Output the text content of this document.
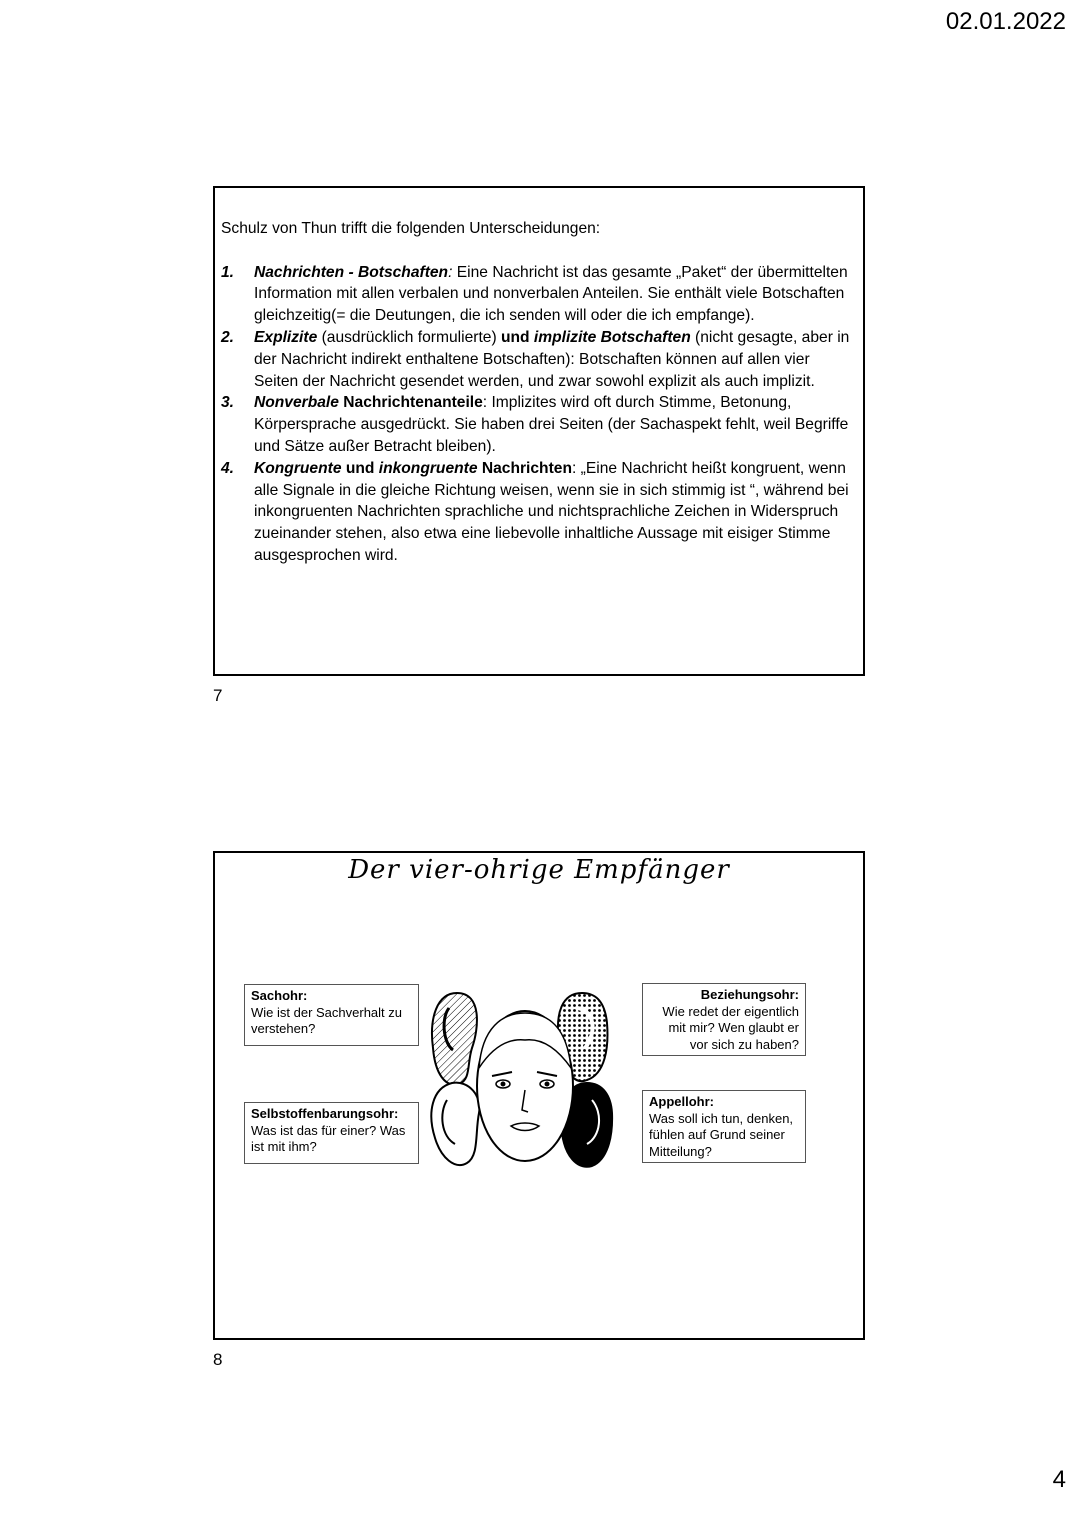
02.01.2022

Schulz von Thun trifft die folgenden Unterscheidungen:

1. Nachrichten - Botschaften: Eine Nachricht ist das gesamte „Paket“ der übermittelten Information mit allen verbalen und nonverbalen Anteilen. Sie enthält viele Botschaften gleichzeitig(= die Deutungen, die ich senden will oder die ich empfange).
2. Explizite (ausdrücklich formulierte) und implizite Botschaften (nicht gesagte, aber in der Nachricht indirekt enthaltene Botschaften): Botschaften können auf allen vier Seiten der Nachricht gesendet werden, und zwar sowohl explizit als auch implizit.
3. Nonverbale Nachrichtenanteile: Implizites wird oft durch Stimme, Betonung, Körpersprache ausgedrückt. Sie haben drei Seiten (der Sachaspekt fehlt, weil Begriffe und Sätze außer Betracht bleiben).
4. Kongruente und inkongruente Nachrichten: „Eine Nachricht heißt kongruent, wenn alle Signale in die gleiche Richtung weisen, wenn sie in sich stimmig ist “, während bei inkongruenten Nachrichten sprachliche und nichtsprachliche Zeichen in Widerspruch zueinander stehen, also etwa eine liebevolle inhaltliche Aussage mit eisiger Stimme ausgesprochen wird.
7
Der vier-ohrige Empfänger
Sachohr:
Wie ist der Sachverhalt zu verstehen?
Selbstoffenbarungsohr:
Was ist das für einer? Was ist mit ihm?
Beziehungsohr:
Wie redet der eigentlich mit mir? Wen glaubt er vor sich zu haben?
Appellohr:
Was soll ich tun, denken, fühlen auf Grund seiner Mitteilung?
8
4
